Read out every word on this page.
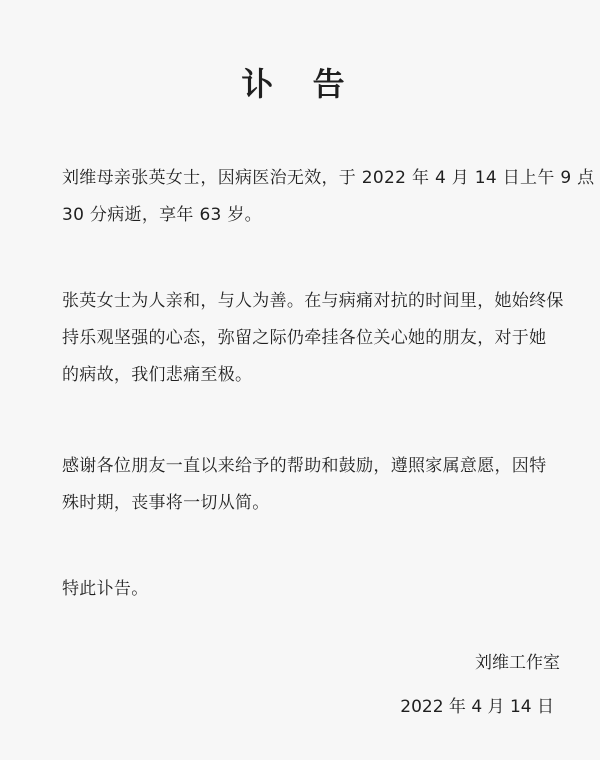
讣 告

刘维母亲张英女士，因病医治无效，于 2022 年 4 月 14 日上午 9 点
30 分病逝，享年 63 岁。

张英女士为人亲和，与人为善。在与病痛对抗的时间里，她始终保
持乐观坚强的心态，弥留之际仍牵挂各位关心她的朋友，对于她
的病故，我们悲痛至极。

感谢各位朋友一直以来给予的帮助和鼓励，遵照家属意愿，因特
殊时期，丧事将一切从简。

特此讣告。

刘维工作室
2022 年 4 月 14 日
